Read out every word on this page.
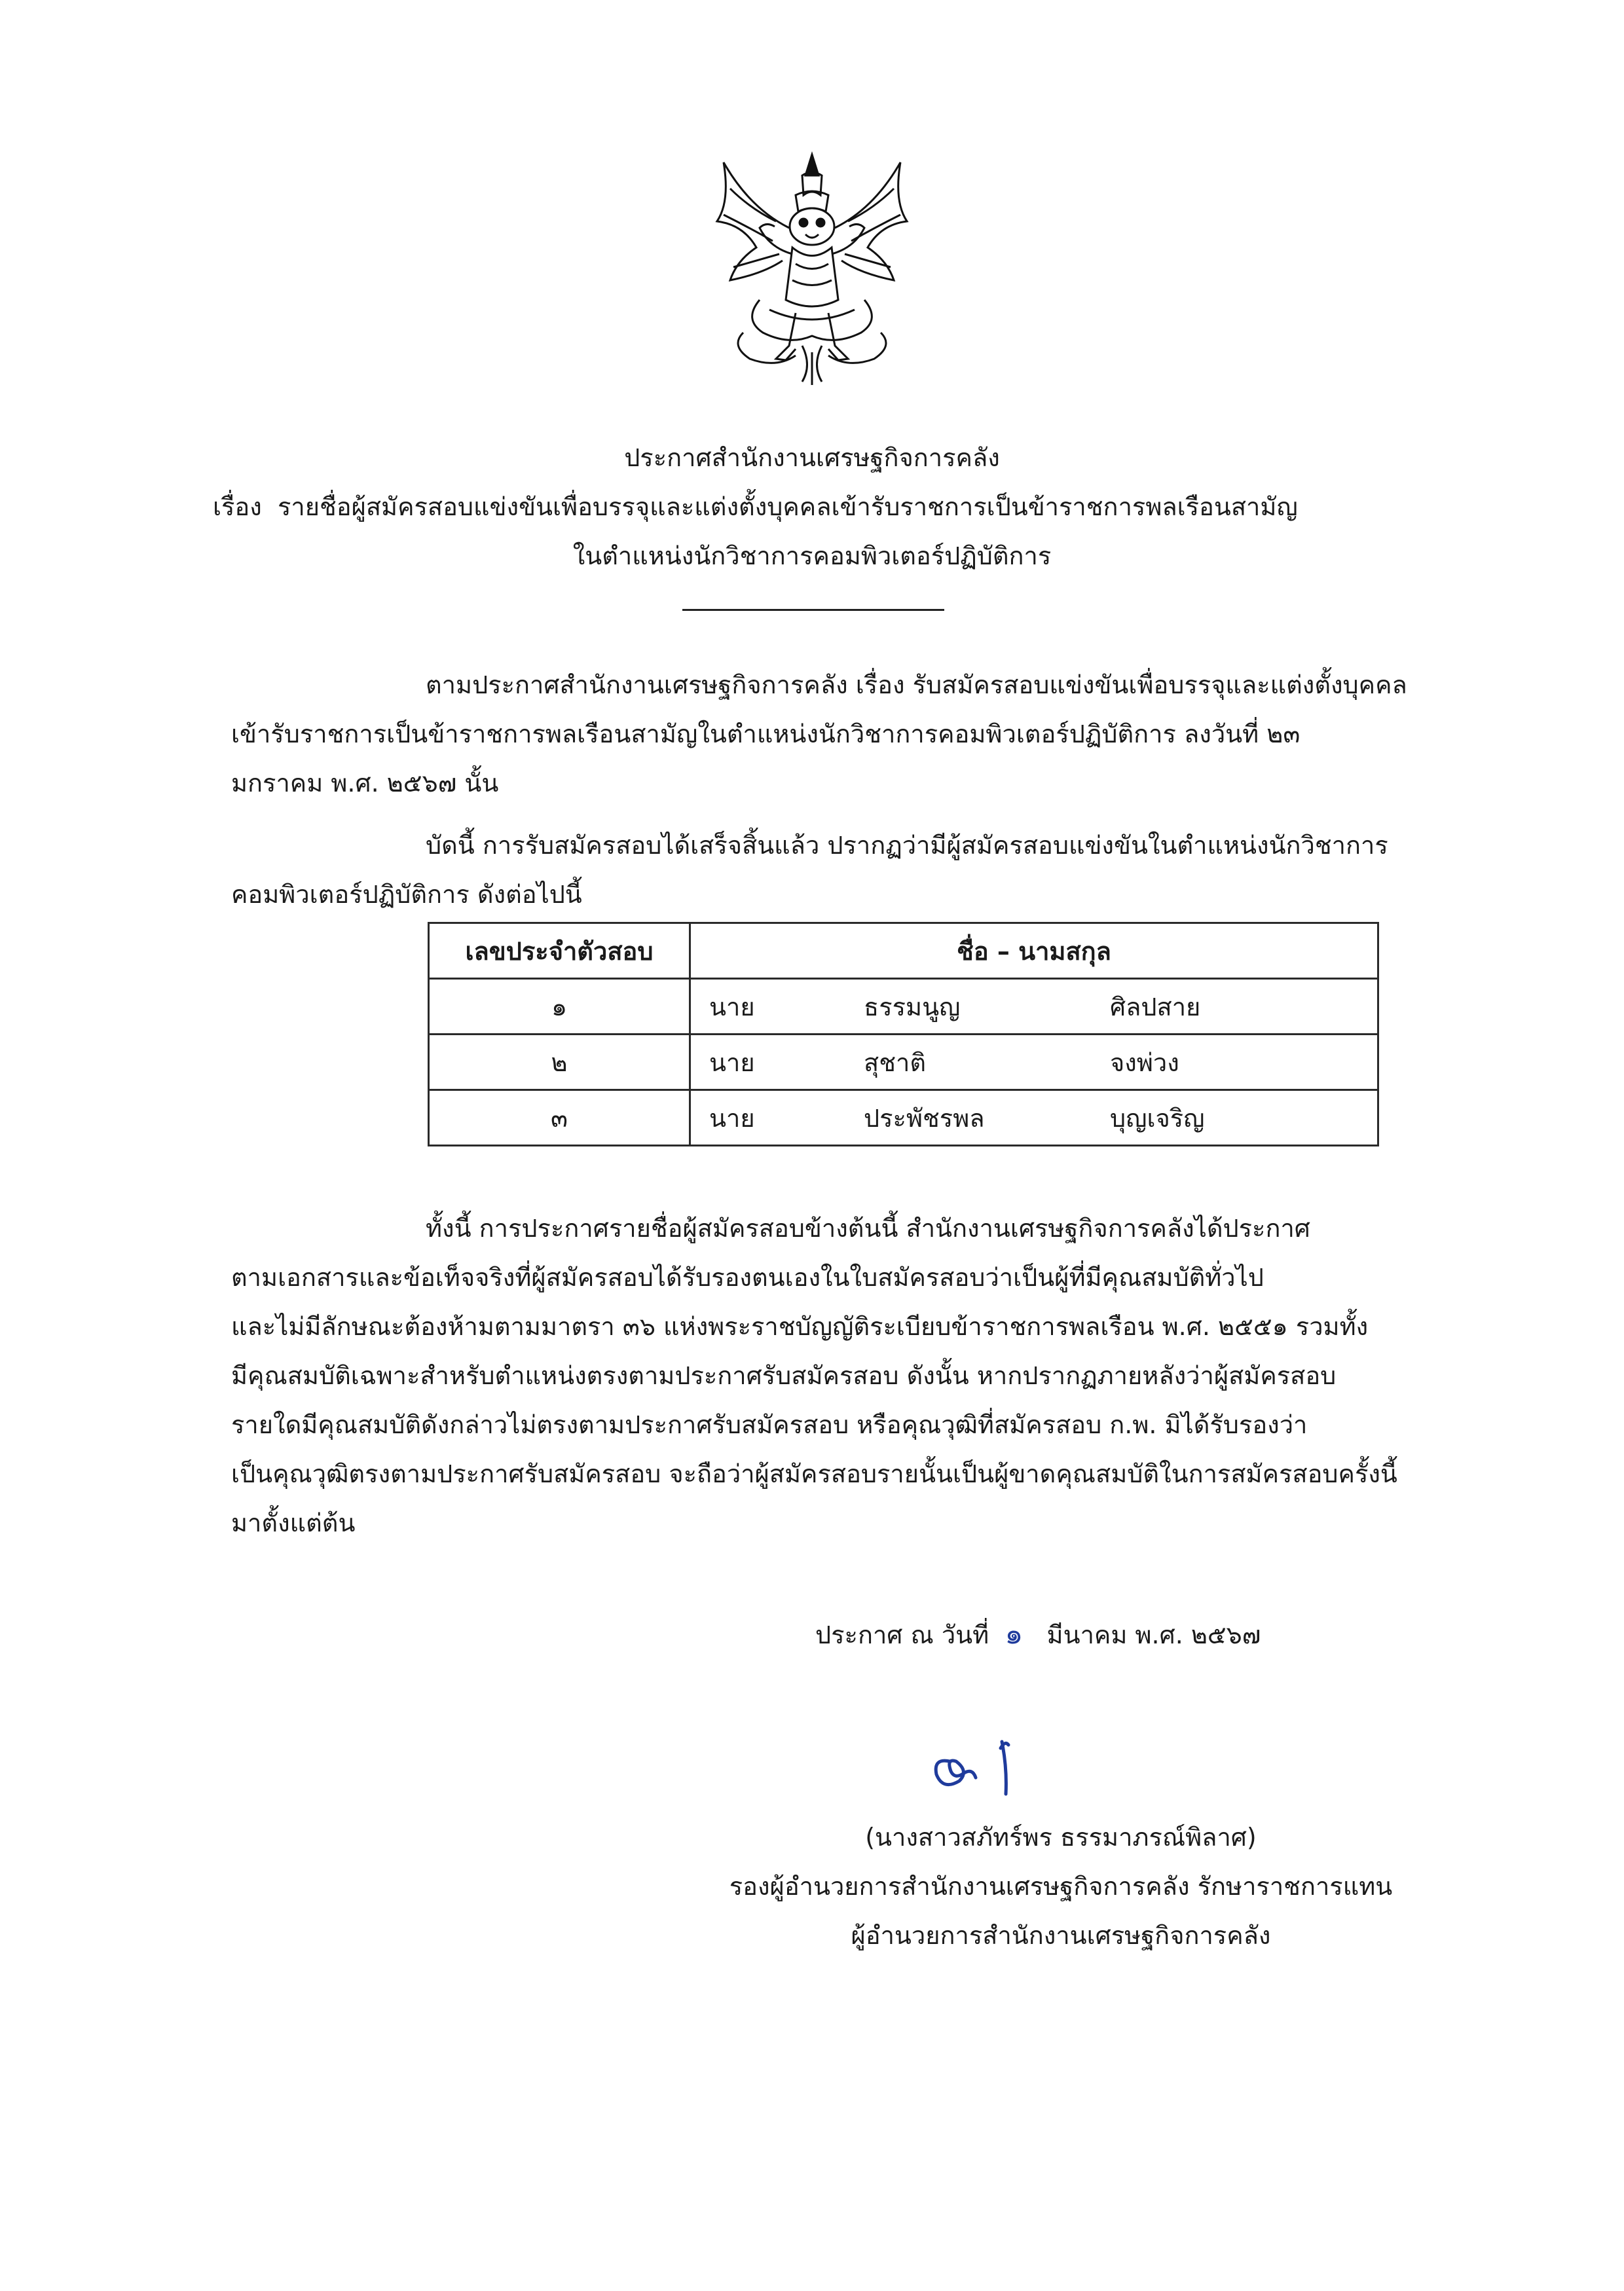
ประกาศสำนักงานเศรษฐกิจการคลัง
เรื่อง รายชื่อผู้สมัครสอบแข่งขันเพื่อบรรจุและแต่งตั้งบุคคลเข้ารับราชการเป็นข้าราชการพลเรือนสามัญ
ในตำแหน่งนักวิชาการคอมพิวเตอร์ปฏิบัติการ
ตามประกาศสำนักงานเศรษฐกิจการคลัง เรื่อง รับสมัครสอบแข่งขันเพื่อบรรจุและแต่งตั้งบุคคล
เข้ารับราชการเป็นข้าราชการพลเรือนสามัญในตำแหน่งนักวิชาการคอมพิวเตอร์ปฏิบัติการ ลงวันที่ ๒๓
มกราคม พ.ศ. ๒๕๖๗ นั้น
บัดนี้ การรับสมัครสอบได้เสร็จสิ้นแล้ว ปรากฏว่ามีผู้สมัครสอบแข่งขันในตำแหน่งนักวิชาการ
คอมพิวเตอร์ปฏิบัติการ ดังต่อไปนี้
เลขประจำตัวสอบ	ชื่อ – นามสกุล		
๑	นาย	ธรรมนูญ	ศิลปสาย
๒	นาย	สุชาติ	จงพ่วง
๓	นาย	ประพัชรพล	บุญเจริญ
ทั้งนี้ การประกาศรายชื่อผู้สมัครสอบข้างต้นนี้ สำนักงานเศรษฐกิจการคลังได้ประกาศ
ตามเอกสารและข้อเท็จจริงที่ผู้สมัครสอบได้รับรองตนเองในใบสมัครสอบว่าเป็นผู้ที่มีคุณสมบัติทั่วไป
และไม่มีลักษณะต้องห้ามตามมาตรา ๓๖ แห่งพระราชบัญญัติระเบียบข้าราชการพลเรือน พ.ศ. ๒๕๕๑ รวมทั้ง
มีคุณสมบัติเฉพาะสำหรับตำแหน่งตรงตามประกาศรับสมัครสอบ ดังนั้น หากปรากฏภายหลังว่าผู้สมัครสอบ
รายใดมีคุณสมบัติดังกล่าวไม่ตรงตามประกาศรับสมัครสอบ หรือคุณวุฒิที่สมัครสอบ ก.พ. มิได้รับรองว่า
เป็นคุณวุฒิตรงตามประกาศรับสมัครสอบ จะถือว่าผู้สมัครสอบรายนั้นเป็นผู้ขาดคุณสมบัติในการสมัครสอบครั้งนี้
มาตั้งแต่ต้น
ประกาศ ณ วันที่ ๑ มีนาคม พ.ศ. ๒๕๖๗
(นางสาวสภัทร์พร ธรรมาภรณ์พิลาศ)
รองผู้อำนวยการสำนักงานเศรษฐกิจการคลัง รักษาราชการแทน
ผู้อำนวยการสำนักงานเศรษฐกิจการคลัง
